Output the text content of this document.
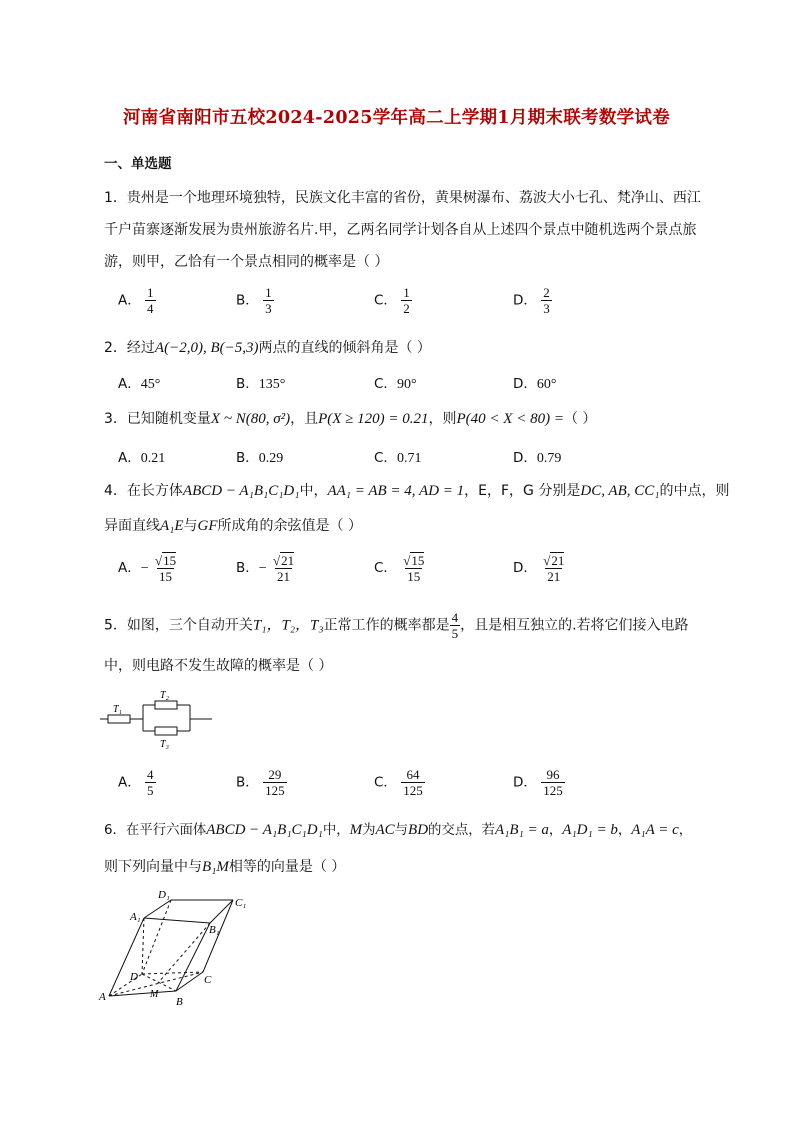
河南省南阳市五校2024-2025学年高二上学期1月期末联考数学试卷
一、单选题
1．贵州是一个地理环境独特，民族文化丰富的省份，黄果树瀑布、荔波大小七孔、梵净山、西江
千户苗寨逐渐发展为贵州旅游名片.甲，乙两名同学计划各自从上述四个景点中随机选两个景点旅
游，则甲，乙恰有一个景点相同的概率是（ ）
A． $\frac{1}{4}$	B． $\frac{1}{3}$	C． $\frac{1}{2}$	D． $\frac{2}{3}$
2．经过A(−2,0), B(−5,3)两点的直线的倾斜角是（ ）
A．45°	B．135°	C．90°	D．60°
3．已知随机变量X ~ N(80, σ²)，且P(X ≥ 120) = 0.21，则P(40 < X < 80) =（ ）
A．0.21	B．0.29	C．0.71	D．0.79
4．在长方体ABCD − A₁B₁C₁D₁中，AA₁ = AB = 4, AD = 1，E，F，G 分别是DC, AB, CC₁的中点，则
异面直线A₁E与GF所成角的余弦值是（ ）
A．− $\frac{√15}{15}$	B．− $\frac{√21}{21}$	C． $\frac{√15}{15}$	D． $\frac{√21}{21}$
5．如图，三个自动开关T₁，T₂，T₃正常工作的概率都是 $\frac{4}{5}$ ，且是相互独立的.若将它们接入电路
中，则电路不发生故障的概率是（ ）
T₁
T₂
T₃
A． $\frac{4}{5}$	B． $\frac{29}{125}$	C． $\frac{64}{125}$	D． $\frac{96}{125}$
6．在平行六面体ABCD − A₁B₁C₁D₁中，M为AC与BD的交点，若A₁B₁ = a，A₁D₁ = b，A₁A = c，
则下列向量中与B₁M相等的向量是（ ）
A	B
C
D
M
A₁
B₁
C₁
D₁
